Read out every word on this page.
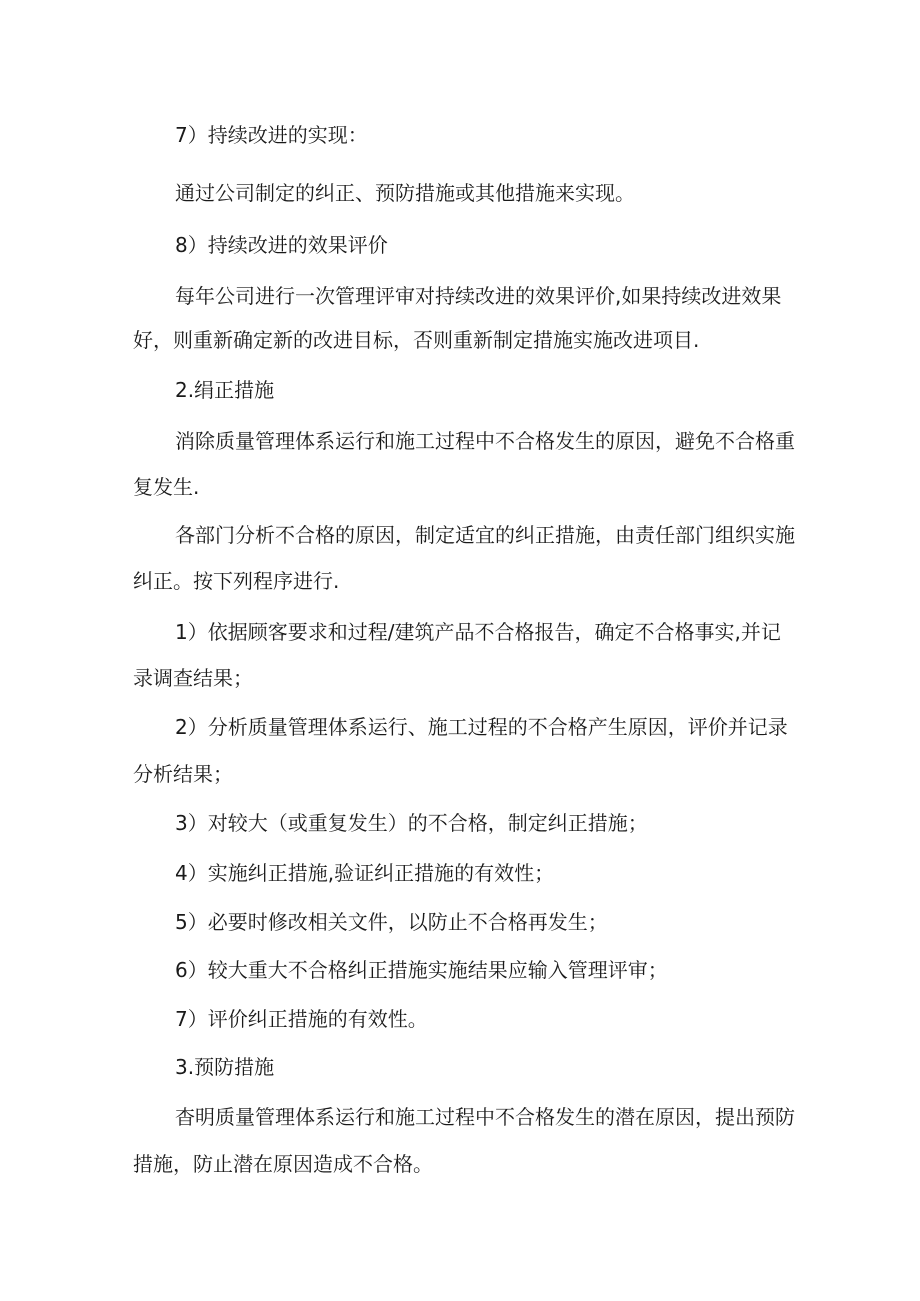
7）持续改进的实现：
通过公司制定的纠正、预防措施或其他措施来实现。
8）持续改进的效果评价
每年公司进行一次管理评审对持续改进的效果评价,如果持续改进效果
好，则重新确定新的改进目标，否则重新制定措施实施改进项目.
2.绢正措施
消除质量管理体系运行和施工过程中不合格发生的原因，避免不合格重
复发生.
各部门分析不合格的原因，制定适宜的纠正措施，由责任部门组织实施
纠正。按下列程序进行.
1）依据顾客要求和过程/建筑产品不合格报告，确定不合格事实,并记
录调查结果；
2）分析质量管理体系运行、施工过程的不合格产生原因，评价并记录
分析结果；
3）对较大（或重复发生）的不合格，制定纠正措施；
4）实施纠正措施,验证纠正措施的有效性；
5）必要时修改相关文件，以防止不合格再发生；
6）较大重大不合格纠正措施实施结果应输入管理评审；
7）评价纠正措施的有效性。
3.预防措施
杳明质量管理体系运行和施工过程中不合格发生的潜在原因，提出预防
措施，防止潜在原因造成不合格。
